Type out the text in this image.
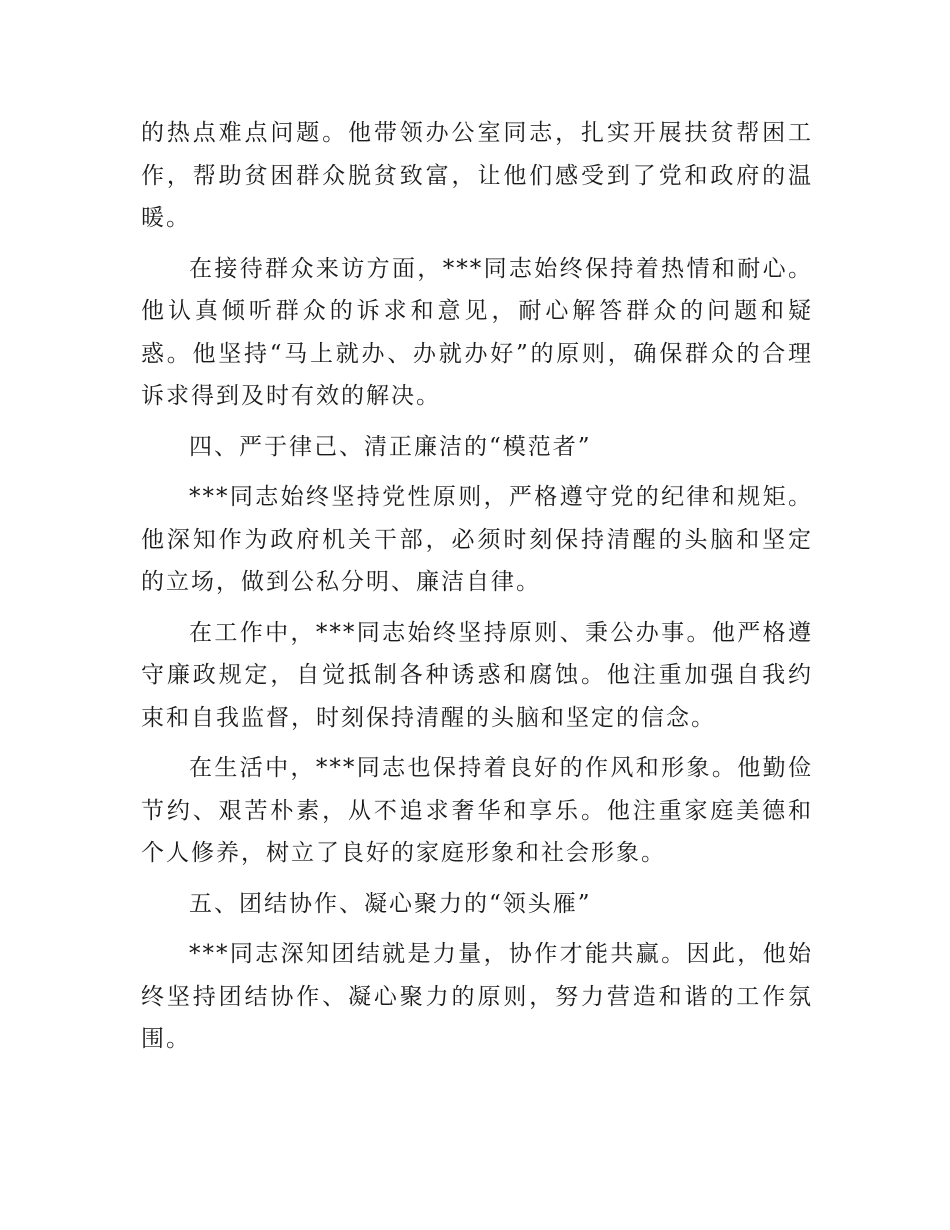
的热点难点问题。他带领办公室同志，扎实开展扶贫帮困工作，帮助贫困群众脱贫致富，让他们感受到了党和政府的温暖。

在接待群众来访方面，***同志始终保持着热情和耐心。他认真倾听群众的诉求和意见，耐心解答群众的问题和疑惑。他坚持“马上就办、办就办好”的原则，确保群众的合理诉求得到及时有效的解决。

四、严于律己、清正廉洁的“模范者”

***同志始终坚持党性原则，严格遵守党的纪律和规矩。他深知作为政府机关干部，必须时刻保持清醒的头脑和坚定的立场，做到公私分明、廉洁自律。

在工作中，***同志始终坚持原则、秉公办事。他严格遵守廉政规定，自觉抵制各种诱惑和腐蚀。他注重加强自我约束和自我监督，时刻保持清醒的头脑和坚定的信念。

在生活中，***同志也保持着良好的作风和形象。他勤俭节约、艰苦朴素，从不追求奢华和享乐。他注重家庭美德和个人修养，树立了良好的家庭形象和社会形象。

五、团结协作、凝心聚力的“领头雁”

***同志深知团结就是力量，协作才能共赢。因此，他始终坚持团结协作、凝心聚力的原则，努力营造和谐的工作氛围。
